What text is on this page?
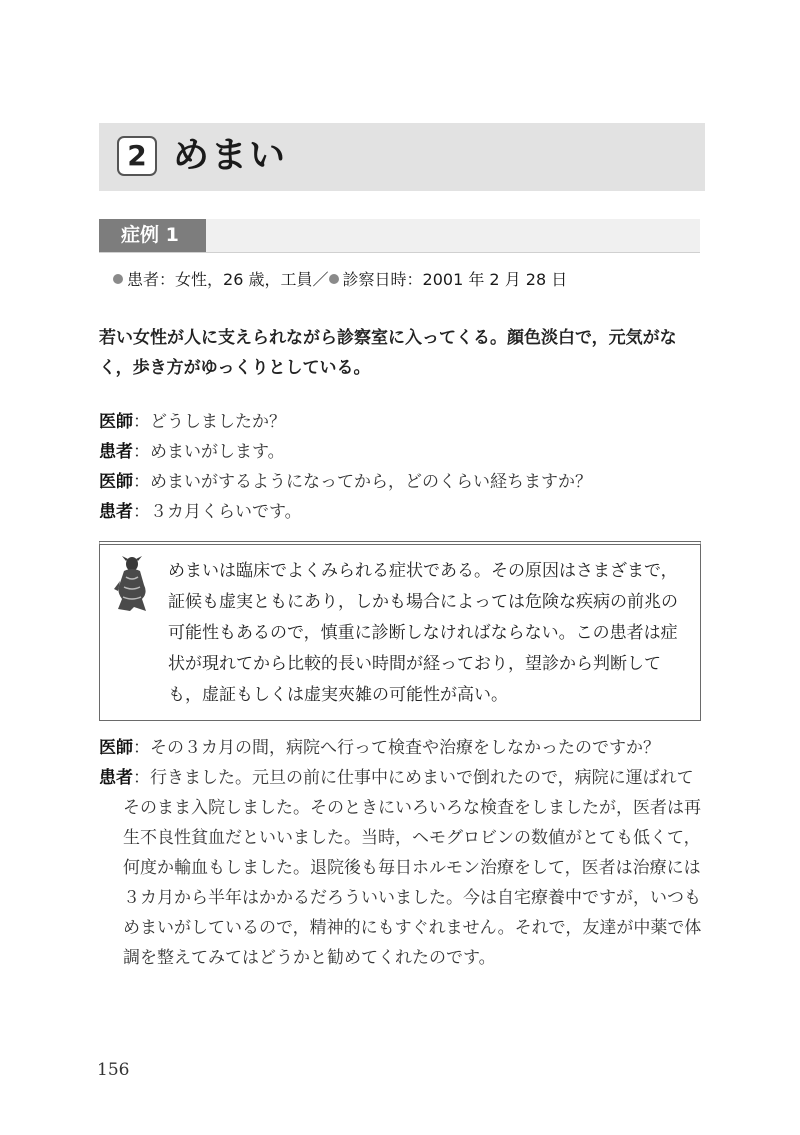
2 めまい
症例 1
患者：女性，26 歳，工員／ 診察日時：2001 年 2 月 28 日
若い女性が人に支えられながら診察室に入ってくる。顔色淡白で，元気がなく，歩き方がゆっくりとしている。
医師：どうしましたか？
患者：めまいがします。
医師：めまいがするようになってから，どのくらい経ちますか？
患者：３カ月くらいです。
めまいは臨床でよくみられる症状である。その原因はさまざまで，証候も虚実ともにあり，しかも場合によっては危険な疾病の前兆の可能性もあるので，慎重に診断しなければならない。この患者は症状が現れてから比較的長い時間が経っており，望診から判断しても，虚証もしくは虚実夾雑の可能性が高い。
医師：その３カ月の間，病院へ行って検査や治療をしなかったのですか？
患者：行きました。元旦の前に仕事中にめまいで倒れたので，病院に運ばれてそのまま入院しました。そのときにいろいろな検査をしましたが，医者は再生不良性貧血だといいました。当時，ヘモグロビンの数値がとても低くて，何度か輸血もしました。退院後も毎日ホルモン治療をして，医者は治療には３カ月から半年はかかるだろういいました。今は自宅療養中ですが，いつもめまいがしているので，精神的にもすぐれません。それで，友達が中薬で体調を整えてみてはどうかと勧めてくれたのです。
156
